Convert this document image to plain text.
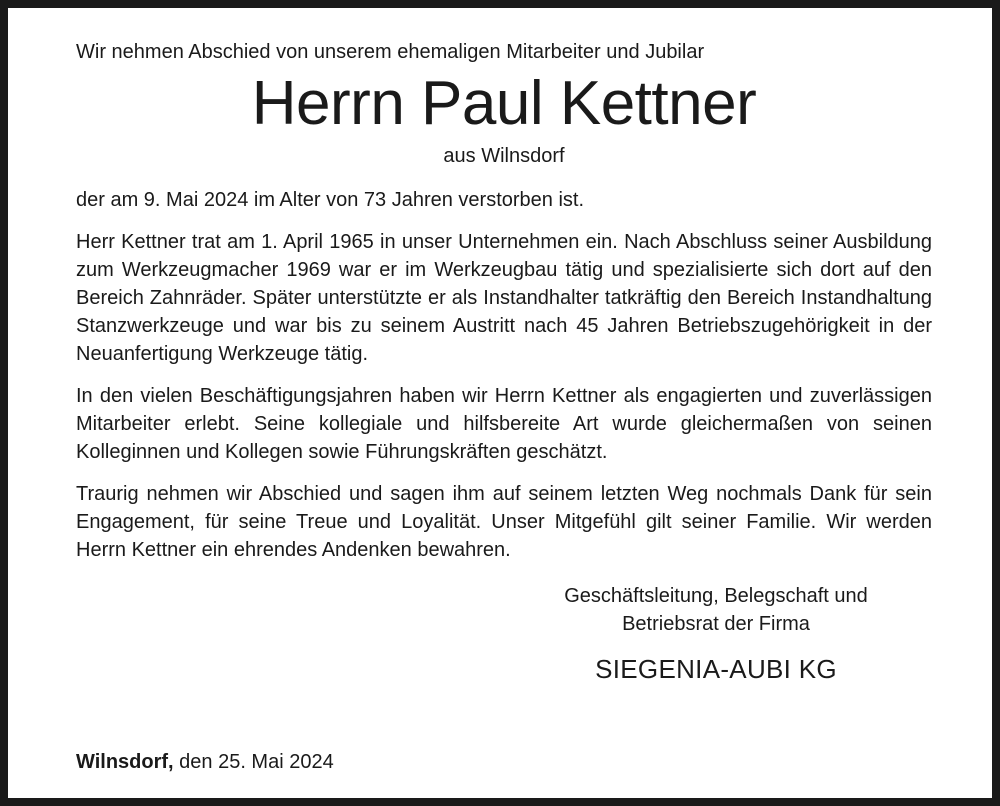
Wir nehmen Abschied von unserem ehemaligen Mitarbeiter und Jubilar

Herrn Paul Kettner

aus Wilnsdorf

der am 9. Mai 2024 im Alter von 73 Jahren verstorben ist.

Herr Kettner trat am 1. April 1965 in unser Unternehmen ein. Nach Abschluss seiner Ausbildung zum Werkzeugmacher 1969 war er im Werkzeugbau tätig und spezialisierte sich dort auf den Bereich Zahnräder. Später unterstützte er als Instandhalter tatkräftig den Bereich Instandhaltung Stanzwerkzeuge und war bis zu seinem Austritt nach 45 Jahren Betriebszugehörigkeit in der Neuanfertigung Werkzeuge tätig.

In den vielen Beschäftigungsjahren haben wir Herrn Kettner als engagierten und zuverlässigen Mitarbeiter erlebt. Seine kollegiale und hilfsbereite Art wurde gleichermaßen von seinen Kolleginnen und Kollegen sowie Führungskräften geschätzt.

Traurig nehmen wir Abschied und sagen ihm auf seinem letzten Weg nochmals Dank für sein Engagement, für seine Treue und Loyalität. Unser Mitgefühl gilt seiner Familie. Wir werden Herrn Kettner ein ehrendes Andenken bewahren.

Geschäftsleitung, Belegschaft und

Betriebsrat der Firma

SIEGENIA-AUBI KG

Wilnsdorf, den 25. Mai 2024
